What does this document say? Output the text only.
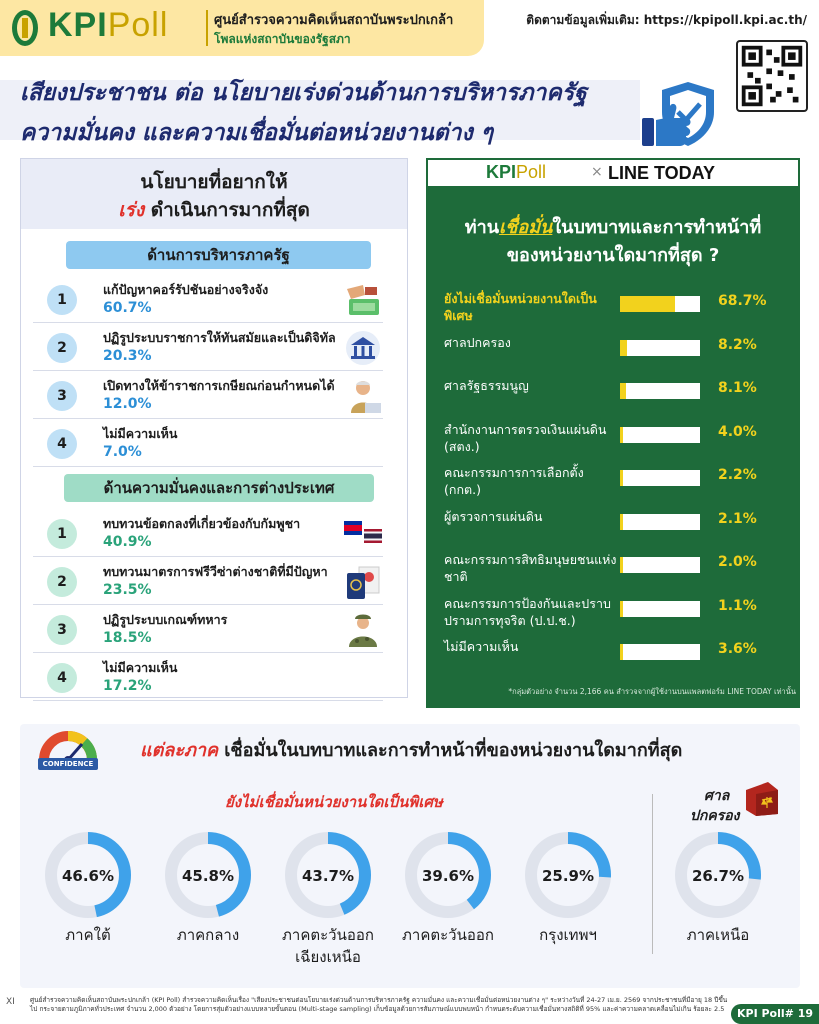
KPIPoll	ศูนย์สำรวจความคิดเห็นสถาบันพระปกเกล้า
โพลแห่งสถาบันของรัฐสภา
ติดตามข้อมูลเพิ่มเติม: https://kpipoll.kpi.ac.th/
เสียงประชาชน ต่อ นโยบายเร่งด่วนด้านการบริหารภาครัฐ
ความมั่นคง และความเชื่อมั่นต่อหน่วยงานต่าง ๆ
นโยบายที่อยากให้
เร่ง ดำเนินการมากที่สุด
ด้านการบริหารภาครัฐ
1
แก้ปัญหาคอร์รัปชันอย่างจริงจัง
60.7%
2
ปฏิรูประบบราชการให้ทันสมัยและเป็นดิจิทัล
20.3%
3
เปิดทางให้ข้าราชการเกษียณก่อนกำหนดได้
12.0%
4
ไม่มีความเห็น
7.0%
ด้านความมั่นคงและการต่างประเทศ
1
ทบทวนข้อตกลงที่เกี่ยวข้องกับกัมพูชา
40.9%
2
ทบทวนมาตรการฟรีวีซ่าต่างชาติที่มีปัญหา
23.5%
3
ปฏิรูประบบเกณฑ์ทหาร
18.5%
4
ไม่มีความเห็น
17.2%
KPIPoll	× LINE TODAY
ท่านเชื่อมั่นในบทบาทและการทำหน้าที่
ของหน่วยงานใดมากที่สุด ?
ยังไม่เชื่อมั่นหน่วยงานใดเป็นพิเศษ
68.7%
ศาลปกครอง	8.2%
ศาลรัฐธรรมนูญ	8.1%
สำนักงานการตรวจเงินแผ่นดิน (สตง.)
4.0%
คณะกรรมการการเลือกตั้ง (กกต.)
2.2%
ผู้ตรวจการแผ่นดิน	2.1%
คณะกรรมการสิทธิมนุษยชนแห่งชาติ
2.0%
คณะกรรมการป้องกันและปราบปรามการทุจริต (ป.ป.ช.)
1.1%
ไม่มีความเห็น	3.6%
*กลุ่มตัวอย่าง จำนวน 2,166 คน สำรวจจากผู้ใช้งานบนแพลตฟอร์ม LINE TODAY เท่านั้น
CONFIDENCE
แต่ละภาค เชื่อมั่นในบทบาทและการทำหน้าที่ของหน่วยงานใดมากที่สุด
ยังไม่เชื่อมั่นหน่วยงานใดเป็นพิเศษ	ศาล
ปกครอง
46.6%
ภาคใต้
45.8%
ภาคกลาง
43.7%
ภาคตะวันออกเฉียงเหนือ
39.6%
ภาคตะวันออก
25.9%
กรุงเทพฯ
26.7%
ภาคเหนือ
XI ศูนย์สำรวจความคิดเห็นสถาบันพระปกเกล้า (KPI Poll) สำรวจความคิดเห็นเรื่อง "เสียงประชาชนต่อนโยบายเร่งด่วนด้านการบริหารภาครัฐ ความมั่นคง และความเชื่อมั่นต่อหน่วยงานต่าง ๆ" ระหว่างวันที่ 24-27 เม.ย. 2569 จากประชาชนที่มีอายุ 18 ปีขึ้นไป กระจายตามภูมิภาคทั่วประเทศ จำนวน 2,000 ตัวอย่าง โดยการสุ่มตัวอย่างแบบหลายขั้นตอน (Multi-stage sampling) เก็บข้อมูลด้วยการสัมภาษณ์แบบพบหน้า กำหนดระดับความเชื่อมั่นทางสถิติที่ 95% และค่าความคลาดเคลื่อนไม่เกิน ร้อยละ 2.5	KPI Poll# 19
